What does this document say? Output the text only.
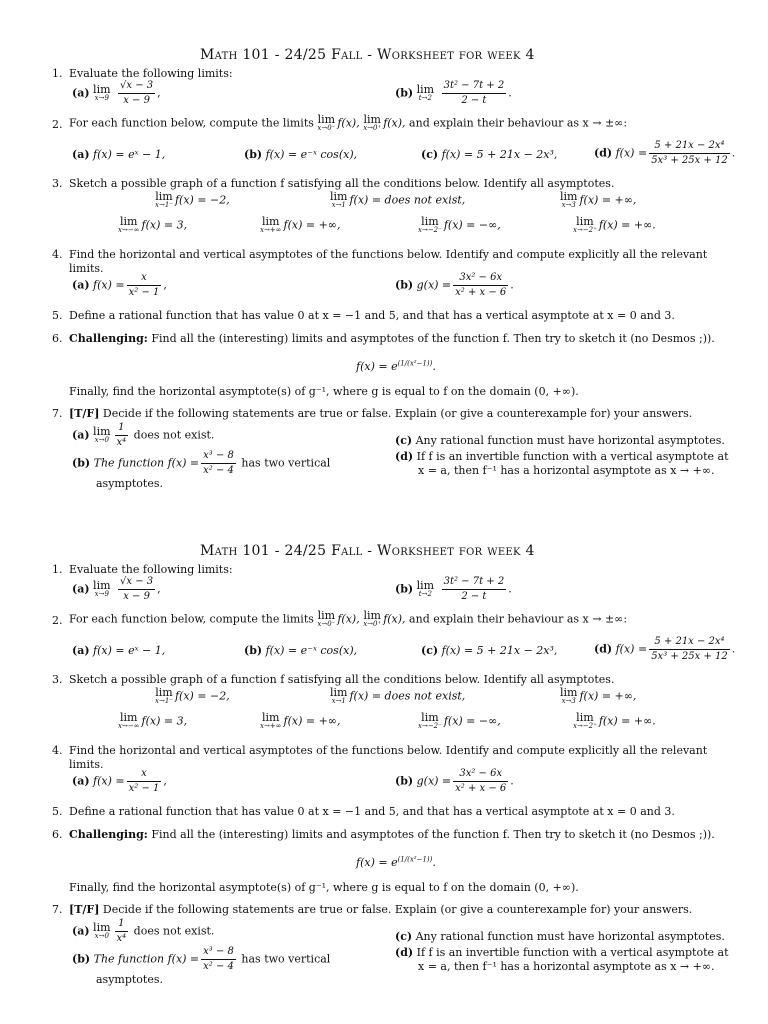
Math 101 - 24/25 Fall - Worksheet for week 4
1. Evaluate the following limits:
(a) lim
x→9
$\frac{√x - 3}{x - 9}$ ,	(b) lim
t→2
$\frac{\text{3t² − 7t + 2}}{2 - t}$ .
2. For each function below, compute the limits lim
x→0⁻ f(x), lim
x→0⁺ f(x), and explain their behaviour as x → ±∞:
(a) f(x) = eˣ − 1,	(b) f(x) = e⁻ˣ cos(x),	(c) f(x) = 5 + 21x − 2x³,	(d) $f(x) = \frac{\text{5 + 21x − 2x⁴}}{\text{5x³ + 25x + 12}}$ .
3. Sketch a possible graph of a function f satisfying all the conditions below. Identify all asymptotes.
lim
x→1⁻ f(x) = −2,	lim
x→1 f(x) = does not exist,	lim
x→3 f(x) = +∞,
lim
x→−∞ f(x) = 3,	lim
x→+∞ f(x) = +∞,	lim
x→−2⁻ f(x) = −∞,	lim
x→−2⁺ f(x) = +∞.
4. Find the horizontal and vertical asymptotes of the functions below. Identify and compute explicitly all the relevant limits.
(a) $f(x) = \frac{x}{\text{x² − 1}}$ ,	(b) $g(x) = \frac{\text{3x² − 6x}}{\text{x² + x − 6}}$ .
5. Define a rational function that has value 0 at x = −1 and 5, and that has a vertical asymptote at x = 0 and 3.
6. Challenging: Find all the (interesting) limits and asymptotes of the function f. Then try to sketch it (no Desmos ;)).
$f(x) = e^{(1/(x^2-1))}$.
Finally, find the horizontal asymptote(s) of g⁻¹, where g is equal to f on the domain (0, +∞).
7. [T/F] Decide if the following statements are true or false. Explain (or give a counterexample for) your answers.
(a) lim
$x\to 0 \frac{1}{\text{x⁴}}$ does not exist.
(b) The function $f(x) = \frac{\text{x³ − 8}}{\text{x² − 4}}$ has two vertical
asymptotes.
(c) Any rational function must have horizontal asymptotes.
(d) If f is an invertible function with a vertical asymptote at
x = a, then f⁻¹ has a horizontal asymptote as x → +∞.
Math 101 - 24/25 Fall - Worksheet for week 4
1. Evaluate the following limits:
(a) lim
x→9
$\frac{√x - 3}{x - 9}$ ,	(b) lim
t→2
$\frac{\text{3t² − 7t + 2}}{2 - t}$ .
2. For each function below, compute the limits lim
x→0⁻ f(x), lim
x→0⁺ f(x), and explain their behaviour as x → ±∞:
(a) f(x) = eˣ − 1,	(b) f(x) = e⁻ˣ cos(x),	(c) f(x) = 5 + 21x − 2x³,	(d) $f(x) = \frac{\text{5 + 21x − 2x⁴}}{\text{5x³ + 25x + 12}}$ .
3. Sketch a possible graph of a function f satisfying all the conditions below. Identify all asymptotes.
lim
x→1⁻ f(x) = −2,	lim
x→1 f(x) = does not exist,	lim
x→3 f(x) = +∞,
lim
x→−∞ f(x) = 3,	lim
x→+∞ f(x) = +∞,	lim
x→−2⁻ f(x) = −∞,	lim
x→−2⁺ f(x) = +∞.
4. Find the horizontal and vertical asymptotes of the functions below. Identify and compute explicitly all the relevant limits.
(a) $f(x) = \frac{x}{\text{x² − 1}}$ ,	(b) $g(x) = \frac{\text{3x² − 6x}}{\text{x² + x − 6}}$ .
5. Define a rational function that has value 0 at x = −1 and 5, and that has a vertical asymptote at x = 0 and 3.
6. Challenging: Find all the (interesting) limits and asymptotes of the function f. Then try to sketch it (no Desmos ;)).
$f(x) = e^{(1/(x^2-1))}$.
Finally, find the horizontal asymptote(s) of g⁻¹, where g is equal to f on the domain (0, +∞).
7. [T/F] Decide if the following statements are true or false. Explain (or give a counterexample for) your answers.
(a) lim
$x\to 0 \frac{1}{\text{x⁴}}$ does not exist.
(b) The function $f(x) = \frac{\text{x³ − 8}}{\text{x² − 4}}$ has two vertical
asymptotes.
(c) Any rational function must have horizontal asymptotes.
(d) If f is an invertible function with a vertical asymptote at
x = a, then f⁻¹ has a horizontal asymptote as x → +∞.
